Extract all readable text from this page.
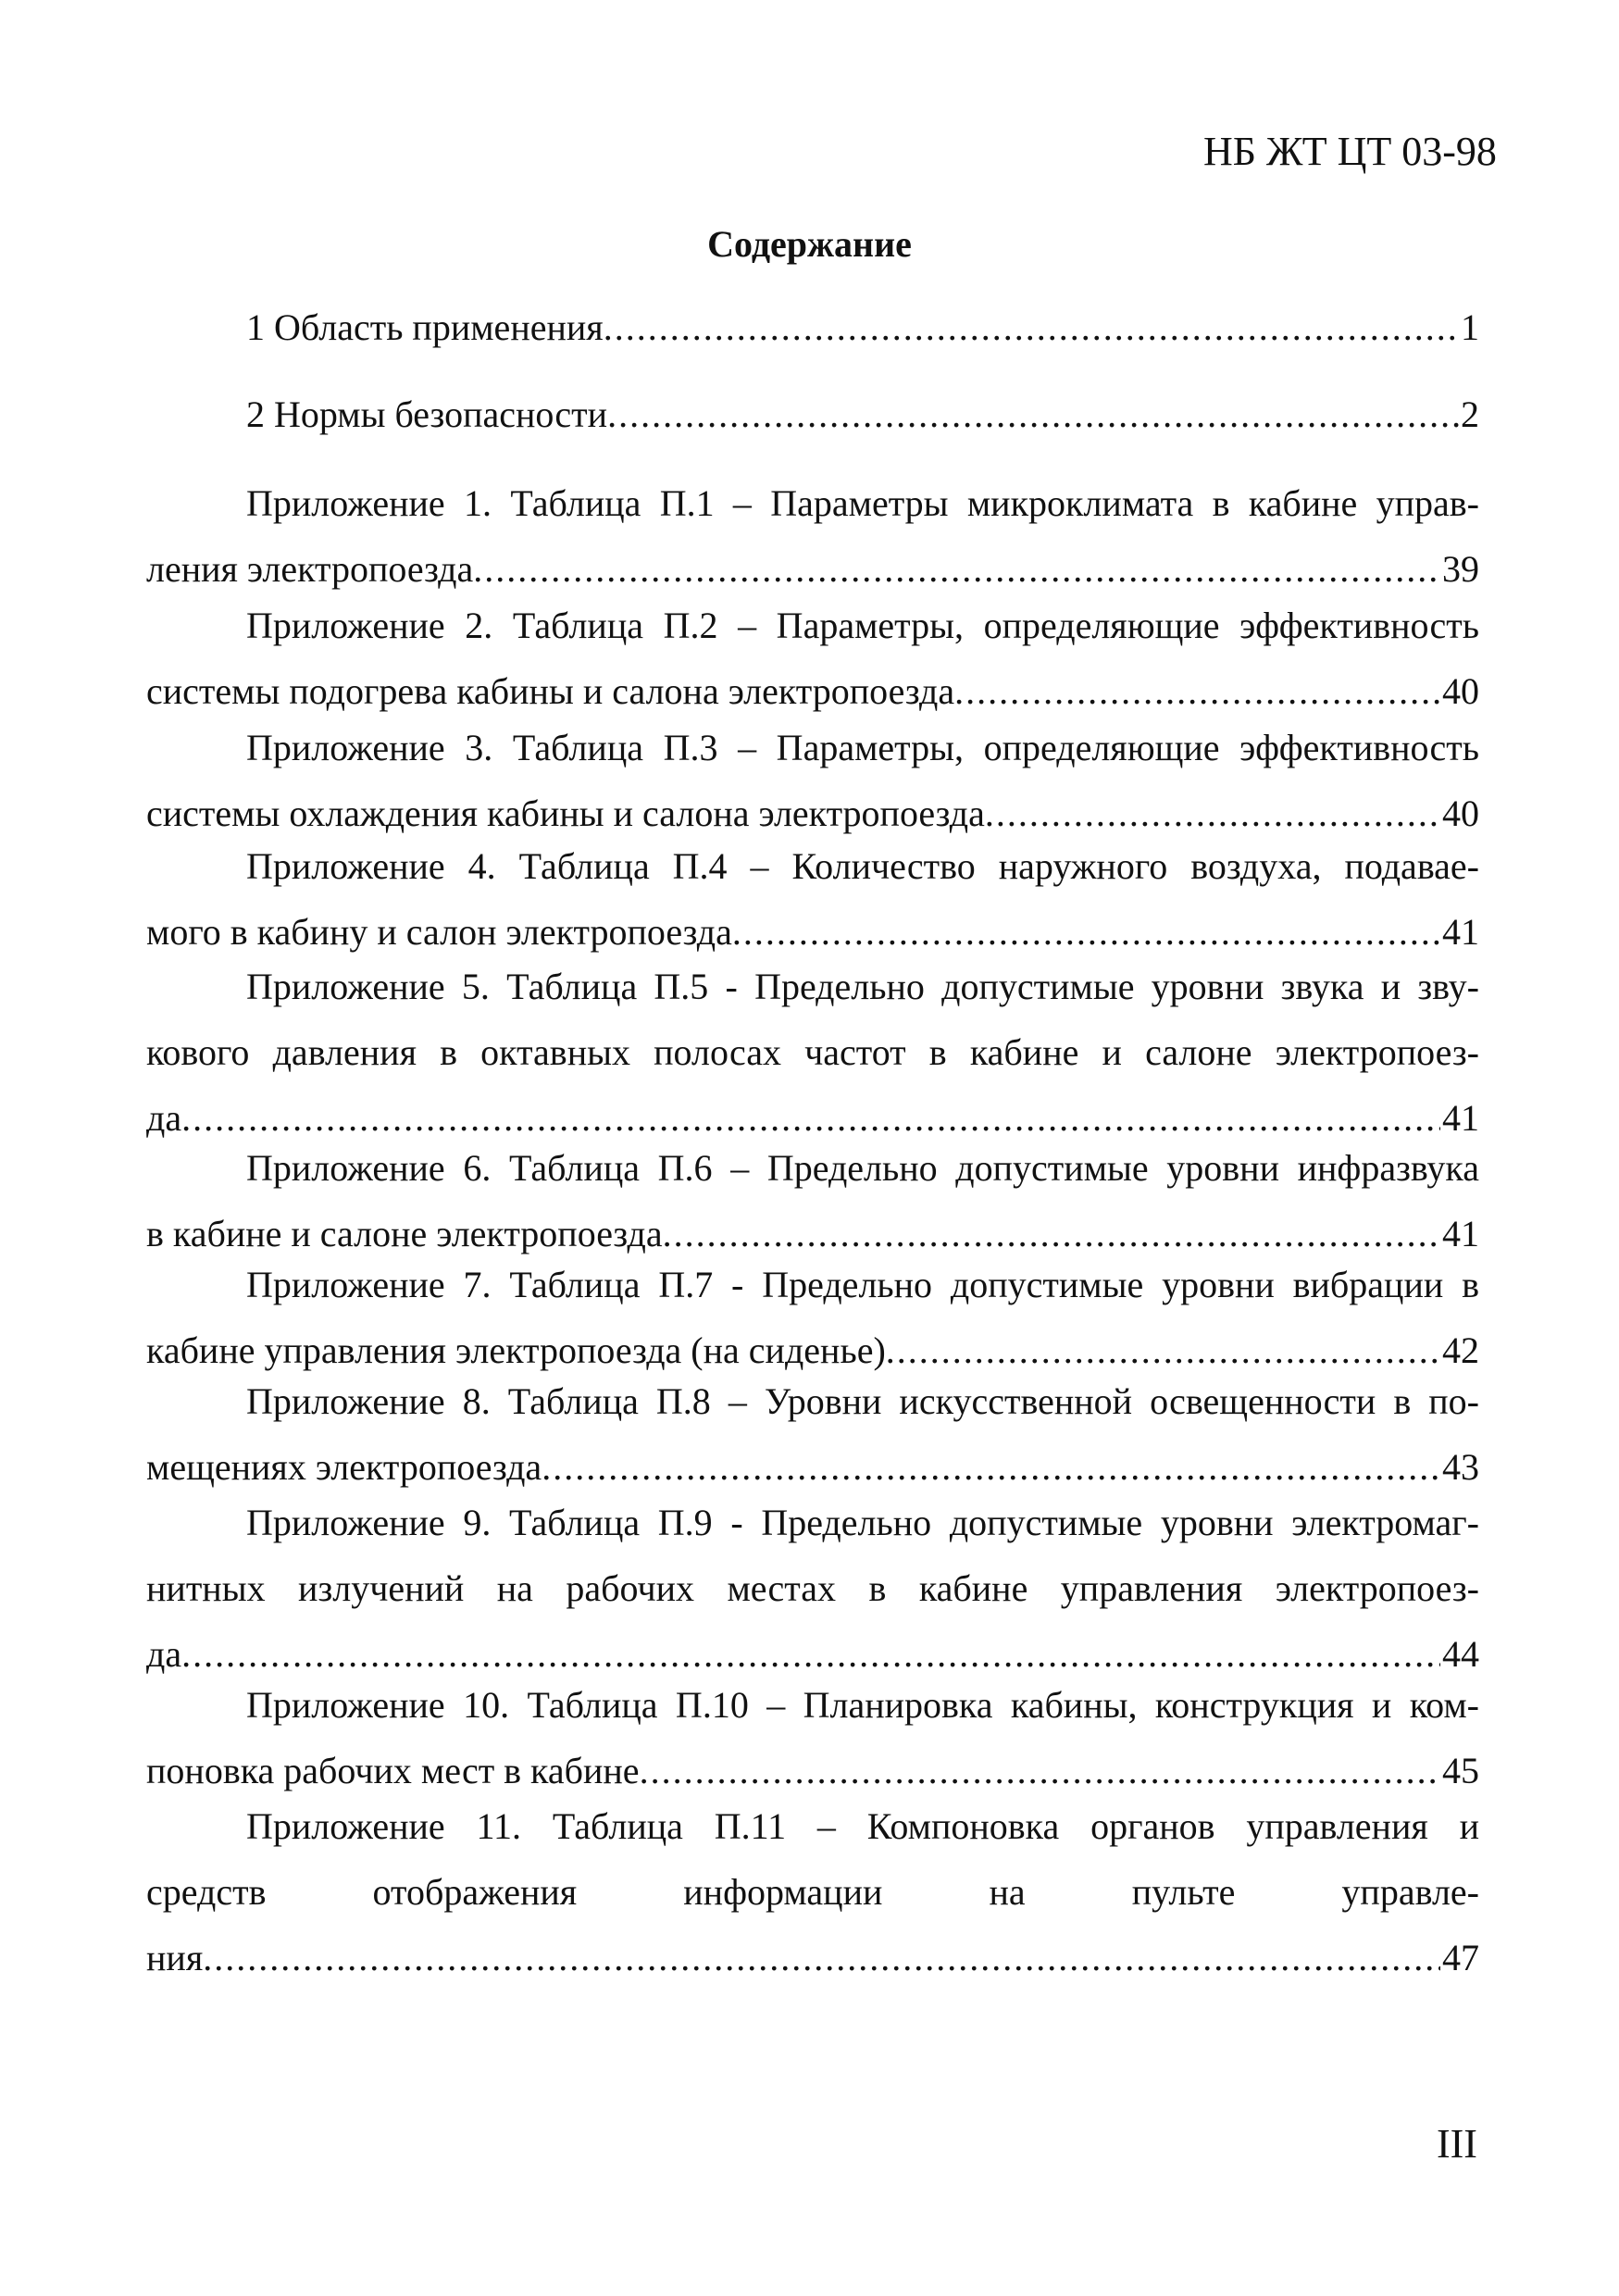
НБ ЖТ ЦТ 03-98
Содержание
1 Область применения .....	1
2 Нормы безопасности .....	2
Приложение 1. Таблица П.1 – Параметры микроклимата в кабине управ-
ления электропоезда .....	39
Приложение 2. Таблица П.2 – Параметры, определяющие эффективность
системы подогрева кабины и салона электропоезда .....	40
Приложение 3. Таблица П.3 – Параметры, определяющие эффективность
системы охлаждения кабины и салона электропоезда .....	40
Приложение 4. Таблица П.4 – Количество наружного воздуха, подавае-
мого в кабину и салон электропоезда .....	41
Приложение 5. Таблица П.5 - Предельно допустимые уровни звука и зву-
кового давления в октавных полосах частот в кабине и салоне электропоез-
да .....	41
Приложение 6. Таблица П.6 – Предельно допустимые уровни инфразвука
в кабине и салоне электропоезда .....	41
Приложение 7. Таблица П.7 - Предельно допустимые уровни вибрации в
кабине управления электропоезда (на сиденье) .....	42
Приложение 8. Таблица П.8 – Уровни искусственной освещенности в по-
мещениях электропоезда .....	43
Приложение 9. Таблица П.9 - Предельно допустимые уровни электромаг-
нитных излучений на рабочих местах в кабине управления электропоез-
да .....	44
Приложение 10. Таблица П.10 – Планировка кабины, конструкция и ком-
поновка рабочих мест в кабине .....	45
Приложение 11. Таблица П.11 – Компоновка органов управления и
средств отображения информации на пульте управле-
ния .....	47
III
